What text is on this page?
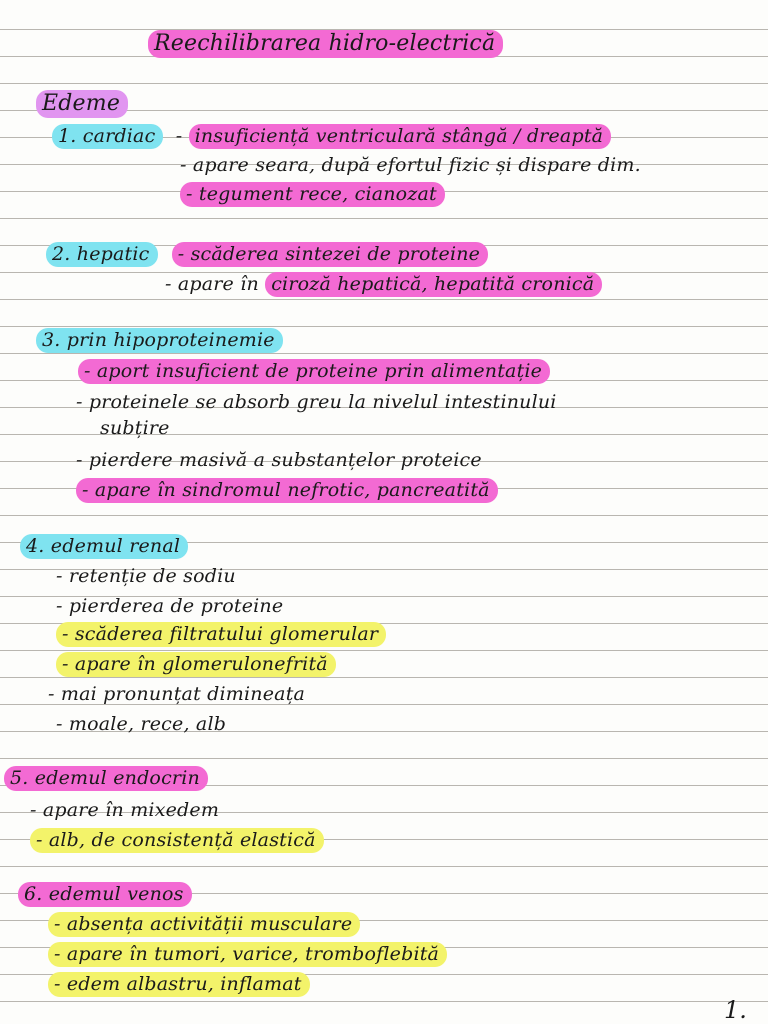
Reechilibrarea hidro-electrică
Edeme
1. cardiac - insuficiență ventriculară stângă / dreaptă
- apare seara, după efortul fizic și dispare dim.
- tegument rece, cianozat
2. hepatic - scăderea sintezei de proteine
- apare în ciroză hepatică, hepatită cronică
3. prin hipoproteinemie
- aport insuficient de proteine prin alimentație
- proteinele se absorb greu la nivelul intestinului
subțire
- pierdere masivă a substanțelor proteice
- apare în sindromul nefrotic, pancreatită
4. edemul renal
- retenție de sodiu
- pierderea de proteine
- scăderea filtratului glomerular
- apare în glomerulonefrită
- mai pronunțat dimineața
- moale, rece, alb
5. edemul endocrin
- apare în mixedem
- alb, de consistență elastică
6. edemul venos
- absența activității musculare
- apare în tumori, varice, tromboflebită
- edem albastru, inflamat
1.
